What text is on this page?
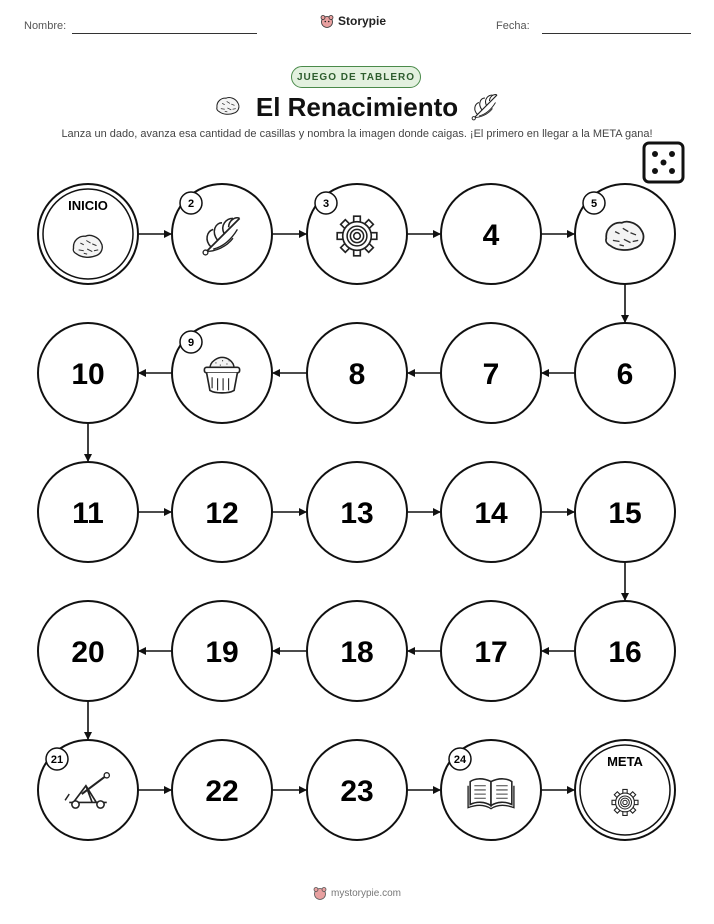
Nombre:	Storypie	Fecha:
JUEGO DE TABLERO
El Renacimiento
Lanza un dado, avanza esa cantidad de casillas y nombra la imagen donde caigas. ¡El primero en llegar a la META gana!
INICIO	2	3
4
5
6
7
8
9
10
11	12	13	14	15
16
17
18
19
20
21
22	23
24	META
mystorypie.com
